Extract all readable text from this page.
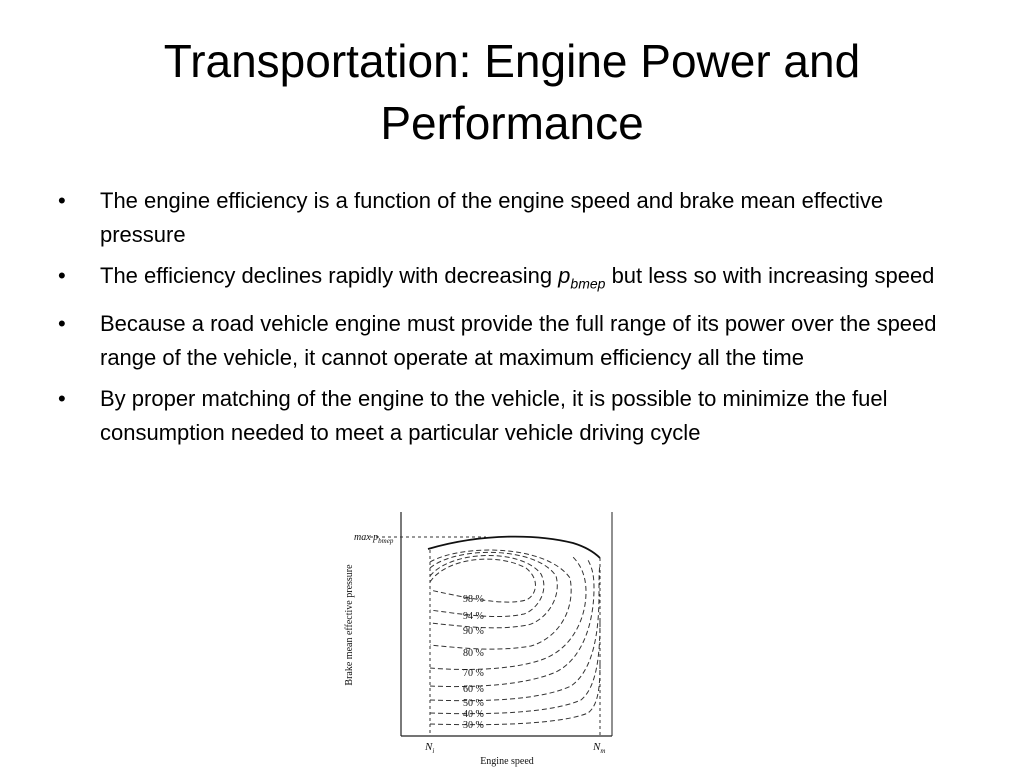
Transportation: Engine Power and
Performance
•	The engine efficiency is a function of the engine speed and brake mean effective pressure
•	The efficiency declines rapidly with decreasing $p_{bmep}$ but less so with increasing speed
•	Because a road vehicle engine must provide the full range of its power over the speed range of the vehicle, it cannot operate at maximum efficiency all the time
•	By proper matching of the engine to the vehicle, it is possible to minimize the fuel consumption needed to meet a particular vehicle driving cycle
98 %
94 %
90 %
80 %
70 %
60 %
50 %
40 %
30 %
$\max p_{bmep}$
Brake mean effective pressure
$N_i$	$N_m$
Engine speed
